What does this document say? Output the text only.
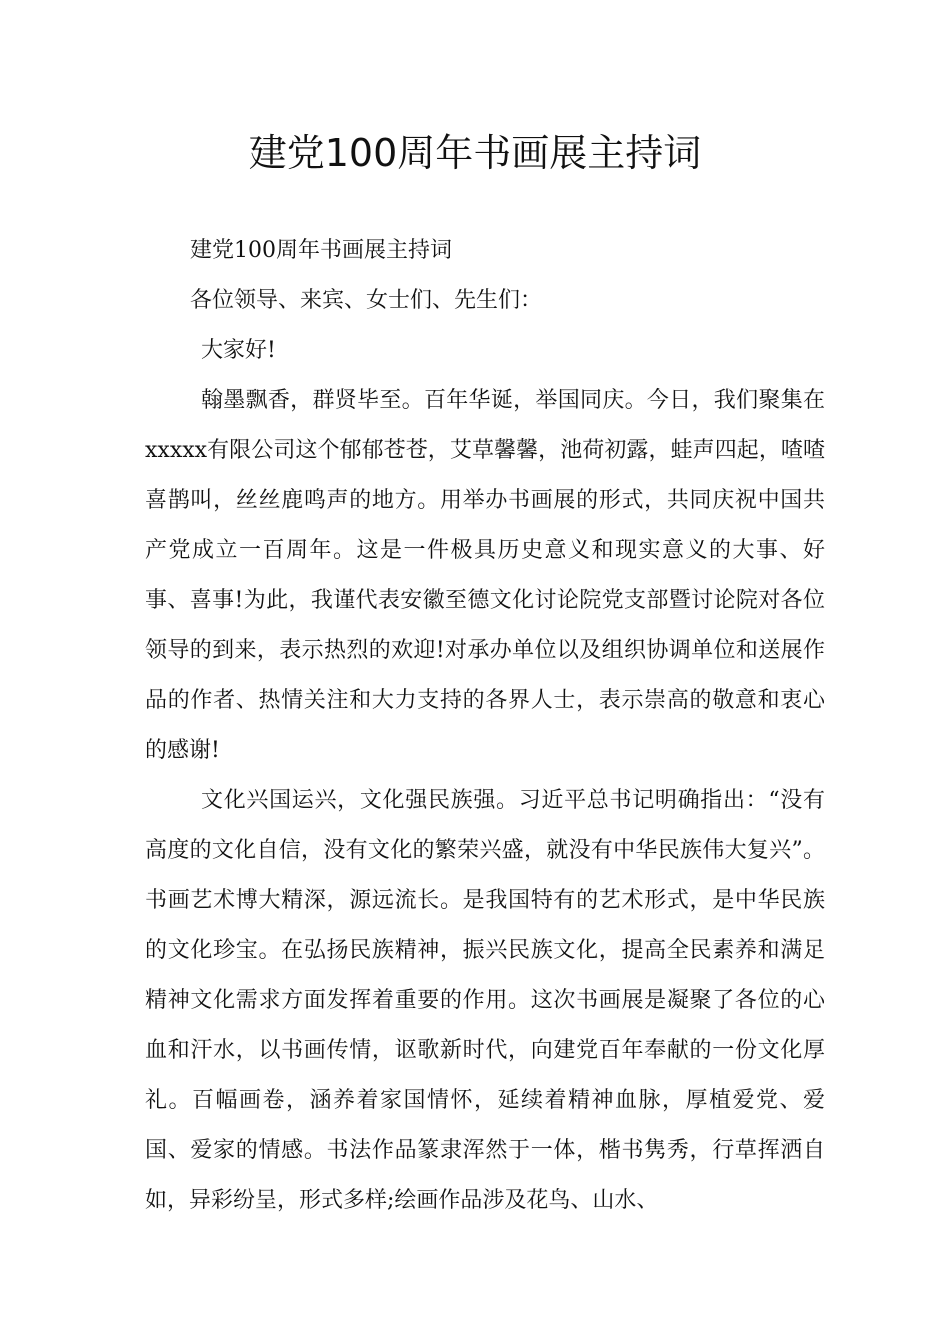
建党100周年书画展主持词

建党100周年书画展主持词

各位领导、来宾、女士们、先生们：

大家好!

翰墨飘香，群贤毕至。百年华诞，举国同庆。今日，我们聚集在xxxxx有限公司这个郁郁苍苍，艾草馨馨，池荷初露，蛙声四起，喳喳喜鹊叫，丝丝鹿鸣声的地方。用举办书画展的形式，共同庆祝中国共产党成立一百周年。这是一件极具历史意义和现实意义的大事、好事、喜事!为此，我谨代表安徽至德文化讨论院党支部暨讨论院对各位领导的到来，表示热烈的欢迎!对承办单位以及组织协调单位和送展作品的作者、热情关注和大力支持的各界人士，表示崇高的敬意和衷心的感谢!

文化兴国运兴，文化强民族强。习近平总书记明确指出：“没有高度的文化自信，没有文化的繁荣兴盛，就没有中华民族伟大复兴”。书画艺术博大精深，源远流长。是我国特有的艺术形式，是中华民族的文化珍宝。在弘扬民族精神，振兴民族文化，提高全民素养和满足精神文化需求方面发挥着重要的作用。这次书画展是凝聚了各位的心血和汗水，以书画传情，讴歌新时代，向建党百年奉献的一份文化厚礼。百幅画卷，涵养着家国情怀，延续着精神血脉，厚植爱党、爱国、爱家的情感。书法作品篆隶浑然于一体，楷书隽秀，行草挥洒自如，异彩纷呈，形式多样;绘画作品涉及花鸟、山水、
